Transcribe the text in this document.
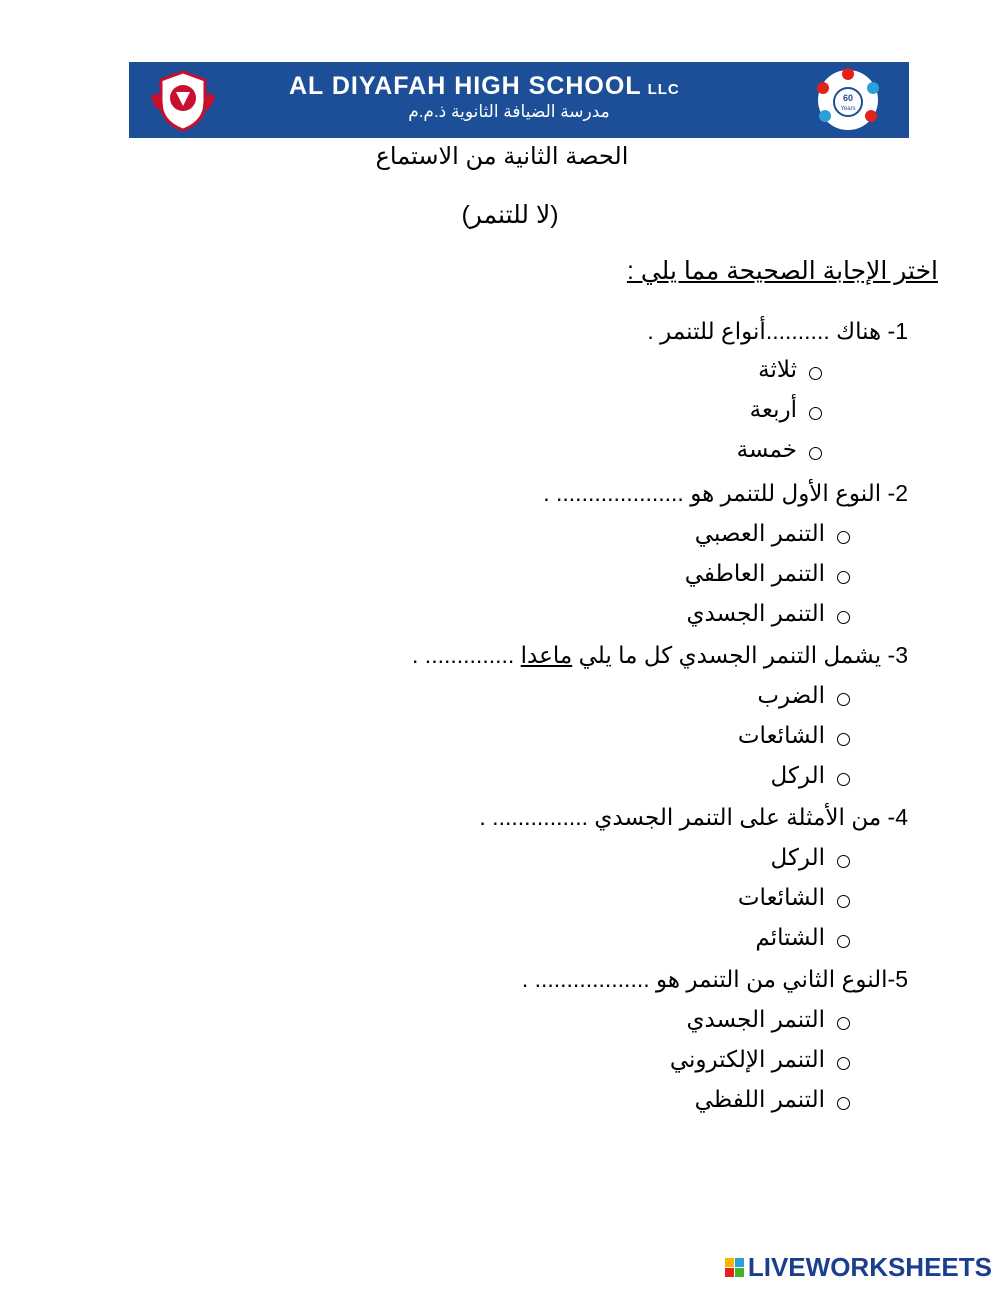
AL DIYAFAH HIGH SCHOOL LLC
مدرسة الضيافة الثانوية ذ.م.م
60
Years
الحصة الثانية من الاستماع
(لا للتنمر)
اختر الإجابة الصحيحة مما يلي :
1- هناك ..........أنواع للتنمر .
ثلاثة
أربعة
خمسة
2- النوع الأول للتنمر هو .................... .
التنمر العصبي
التنمر العاطفي
التنمر الجسدي
3- يشمل التنمر الجسدي كل ما يلي ماعدا .............. .
الضرب
الشائعات
الركل
4- من الأمثلة على التنمر الجسدي ............... .
الركل
الشائعات
الشتائم
5-النوع الثاني من التنمر هو .................. .
التنمر الجسدي
التنمر الإلكتروني
التنمر اللفظي
LIVEWORKSHEETS
